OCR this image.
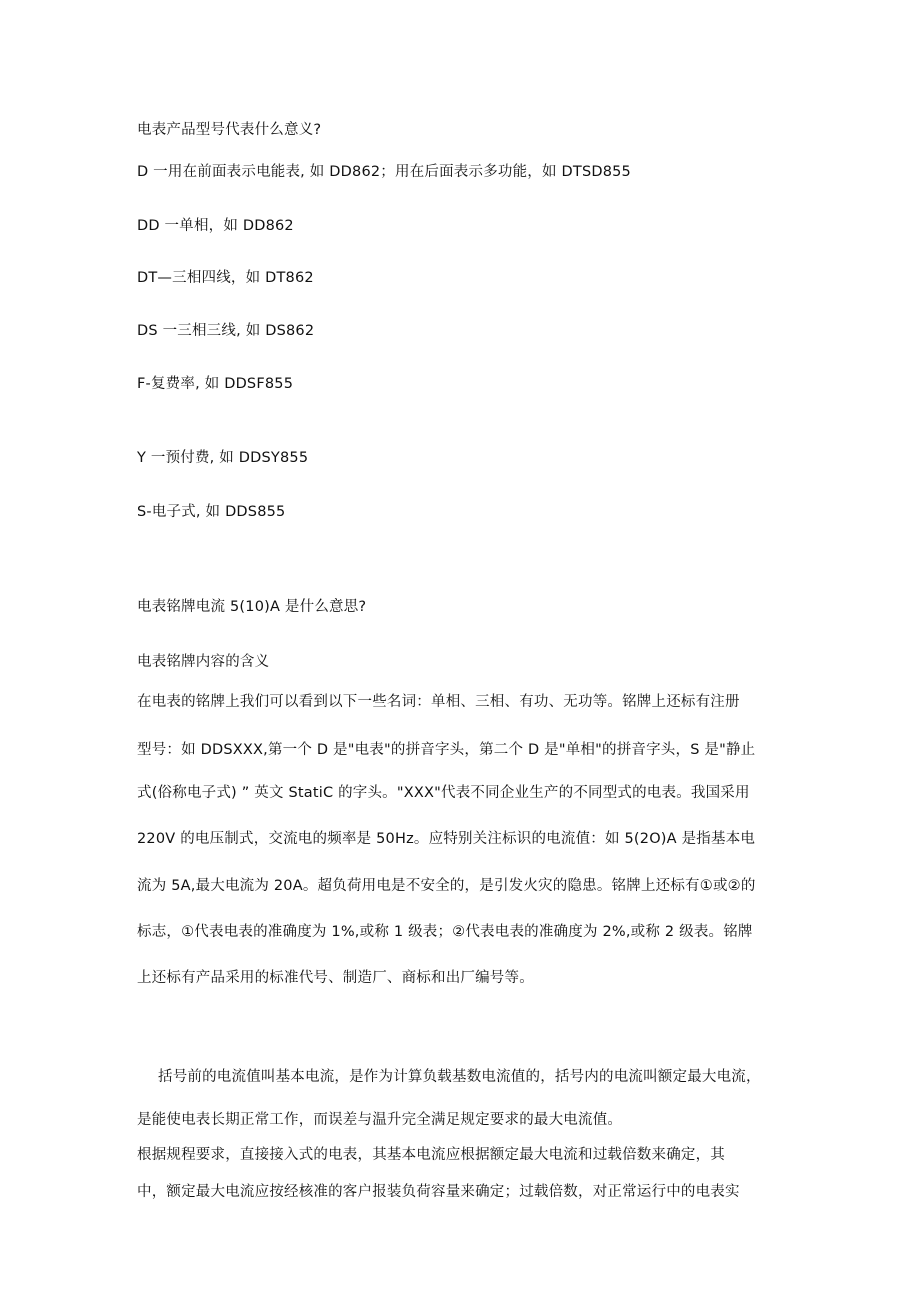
电表产品型号代表什么意义?
D 一用在前面表示电能表, 如 DD862；用在后面表示多功能，如 DTSD855
DD 一单相，如 DD862
DT—三相四线，如 DT862
DS 一三相三线, 如 DS862
F-复费率, 如 DDSF855
Y 一预付费, 如 DDSY855
S-电子式, 如 DDS855
电表铭牌电流 5(10)A 是什么意思?
电表铭牌内容的含义
在电表的铭牌上我们可以看到以下一些名词：单相、三相、有功、无功等。铭牌上还标有注册
型号：如 DDSXXX,第一个 D 是"电表"的拼音字头，第二个 D 是"单相"的拼音字头，S 是"静止
式(俗称电子式) ” 英文 StatiC 的字头。"XXX"代表不同企业生产的不同型式的电表。我国采用
220V 的电压制式，交流电的频率是 50Hz。应特别关注标识的电流值：如 5(2O)A 是指基本电
流为 5A,最大电流为 20A。超负荷用电是不安全的，是引发火灾的隐患。铭牌上还标有①或②的
标志，①代表电表的准确度为 1%,或称 1 级表；②代表电表的准确度为 2%,或称 2 级表。铭牌
上还标有产品采用的标准代号、制造厂、商标和出厂编号等。
括号前的电流值叫基本电流，是作为计算负载基数电流值的，括号内的电流叫额定最大电流，
是能使电表长期正常工作，而误差与温升完全满足规定要求的最大电流值。
根据规程要求，直接接入式的电表，其基本电流应根据额定最大电流和过载倍数来确定，其
中，额定最大电流应按经核准的客户报装负荷容量来确定；过载倍数，对正常运行中的电表实
